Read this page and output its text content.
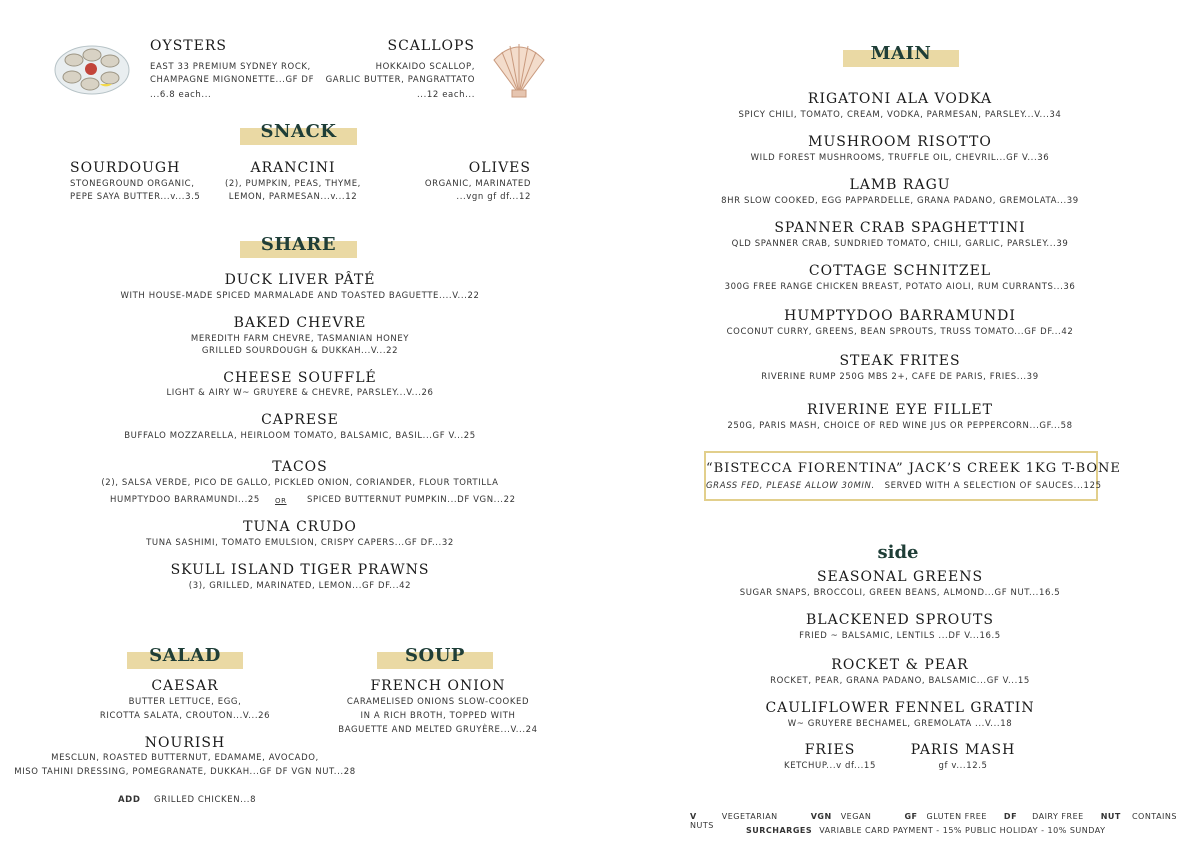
OYSTERS
EAST 33 PREMIUM SYDNEY ROCK,
CHAMPAGNE MIGNONETTE...GF DF
...6.8 each...
SCALLOPS
HOKKAIDO SCALLOP,
GARLIC BUTTER, PANGRATTATO
...12 each...
SNACK
SOURDOUGH
STONEGROUND ORGANIC,
PEPE SAYA BUTTER...v...3.5
ARANCINI
(2), PUMPKIN, PEAS, THYME,
LEMON, PARMESAN...v...12
OLIVES
ORGANIC, MARINATED
...vgn gf df...12
SHARE
DUCK LIVER PÂTÉ
WITH HOUSE-MADE SPICED MARMALADE AND TOASTED BAGUETTE....V...22
BAKED CHEVRE
MEREDITH FARM CHEVRE, TASMANIAN HONEY
GRILLED SOURDOUGH & DUKKAH...V...22
CHEESE SOUFFLÉ
LIGHT & AIRY W~ GRUYERE & CHEVRE, PARSLEY...V...26
CAPRESE
BUFFALO MOZZARELLA, HEIRLOOM TOMATO, BALSAMIC, BASIL...GF V...25
TACOS
(2), SALSA VERDE, PICO DE GALLO, PICKLED ONION, CORIANDER, FLOUR TORTILLA
HUMPTYDOO BARRAMUNDI...25 OR SPICED BUTTERNUT PUMPKIN...DF VGN...22
TUNA CRUDO
TUNA SASHIMI, TOMATO EMULSION, CRISPY CAPERS...GF DF...32
SKULL ISLAND TIGER PRAWNS
(3), GRILLED, MARINATED, LEMON...GF DF...42
SALAD
CAESAR
BUTTER LETTUCE, EGG,
RICOTTA SALATA, CROUTON...V...26
NOURISH
MESCLUN, ROASTED BUTTERNUT, EDAMAME, AVOCADO,
MISO TAHINI DRESSING, POMEGRANATE, DUKKAH...GF DF VGN NUT...28
ADD GRILLED CHICKEN...8
SOUP
FRENCH ONION
CARAMELISED ONIONS SLOW-COOKED
IN A RICH BROTH, TOPPED WITH
BAGUETTE AND MELTED GRUYÈRE...V...24
MAIN
RIGATONI ALA VODKA
SPICY CHILI, TOMATO, CREAM, VODKA, PARMESAN, PARSLEY...V...34
MUSHROOM RISOTTO
WILD FOREST MUSHROOMS, TRUFFLE OIL, CHEVRIL...GF V...36
LAMB RAGU
8HR SLOW COOKED, EGG PAPPARDELLE, GRANA PADANO, GREMOLATA...39
SPANNER CRAB SPAGHETTINI
QLD SPANNER CRAB, SUNDRIED TOMATO, CHILI, GARLIC, PARSLEY...39
COTTAGE SCHNITZEL
300G FREE RANGE CHICKEN BREAST, POTATO AIOLI, RUM CURRANTS...36
HUMPTYDOO BARRAMUNDI
COCONUT CURRY, GREENS, BEAN SPROUTS, TRUSS TOMATO...GF DF...42
STEAK FRITES
RIVERINE RUMP 250G MBS 2+, CAFE DE PARIS, FRIES...39
RIVERINE EYE FILLET
250G, PARIS MASH, CHOICE OF RED WINE JUS OR PEPPERCORN...GF...58
“BISTECCA FIORENTINA” JACK’S CREEK 1KG T-BONE
GRASS FED, PLEASE ALLOW 30MIN. SERVED WITH A SELECTION OF SAUCES...125
side
SEASONAL GREENS
SUGAR SNAPS, BROCCOLI, GREEN BEANS, ALMOND...GF NUT...16.5
BLACKENED SPROUTS
FRIED ~ BALSAMIC, LENTILS ...DF V...16.5
ROCKET & PEAR
ROCKET, PEAR, GRANA PADANO, BALSAMIC...GF V...15
CAULIFLOWER FENNEL GRATIN
W~ GRUYERE BECHAMEL, GREMOLATA ...V...18
FRIES
KETCHUP...v df...15
PARIS MASH
gf v...12.5
V	VEGETARIAN	VGN VEGAN	GF GLUTEN FREE DF DAIRY FREE NUT CONTAINS NUTS
SURCHARGES VARIABLE CARD PAYMENT - 15% PUBLIC HOLIDAY - 10% SUNDAY
